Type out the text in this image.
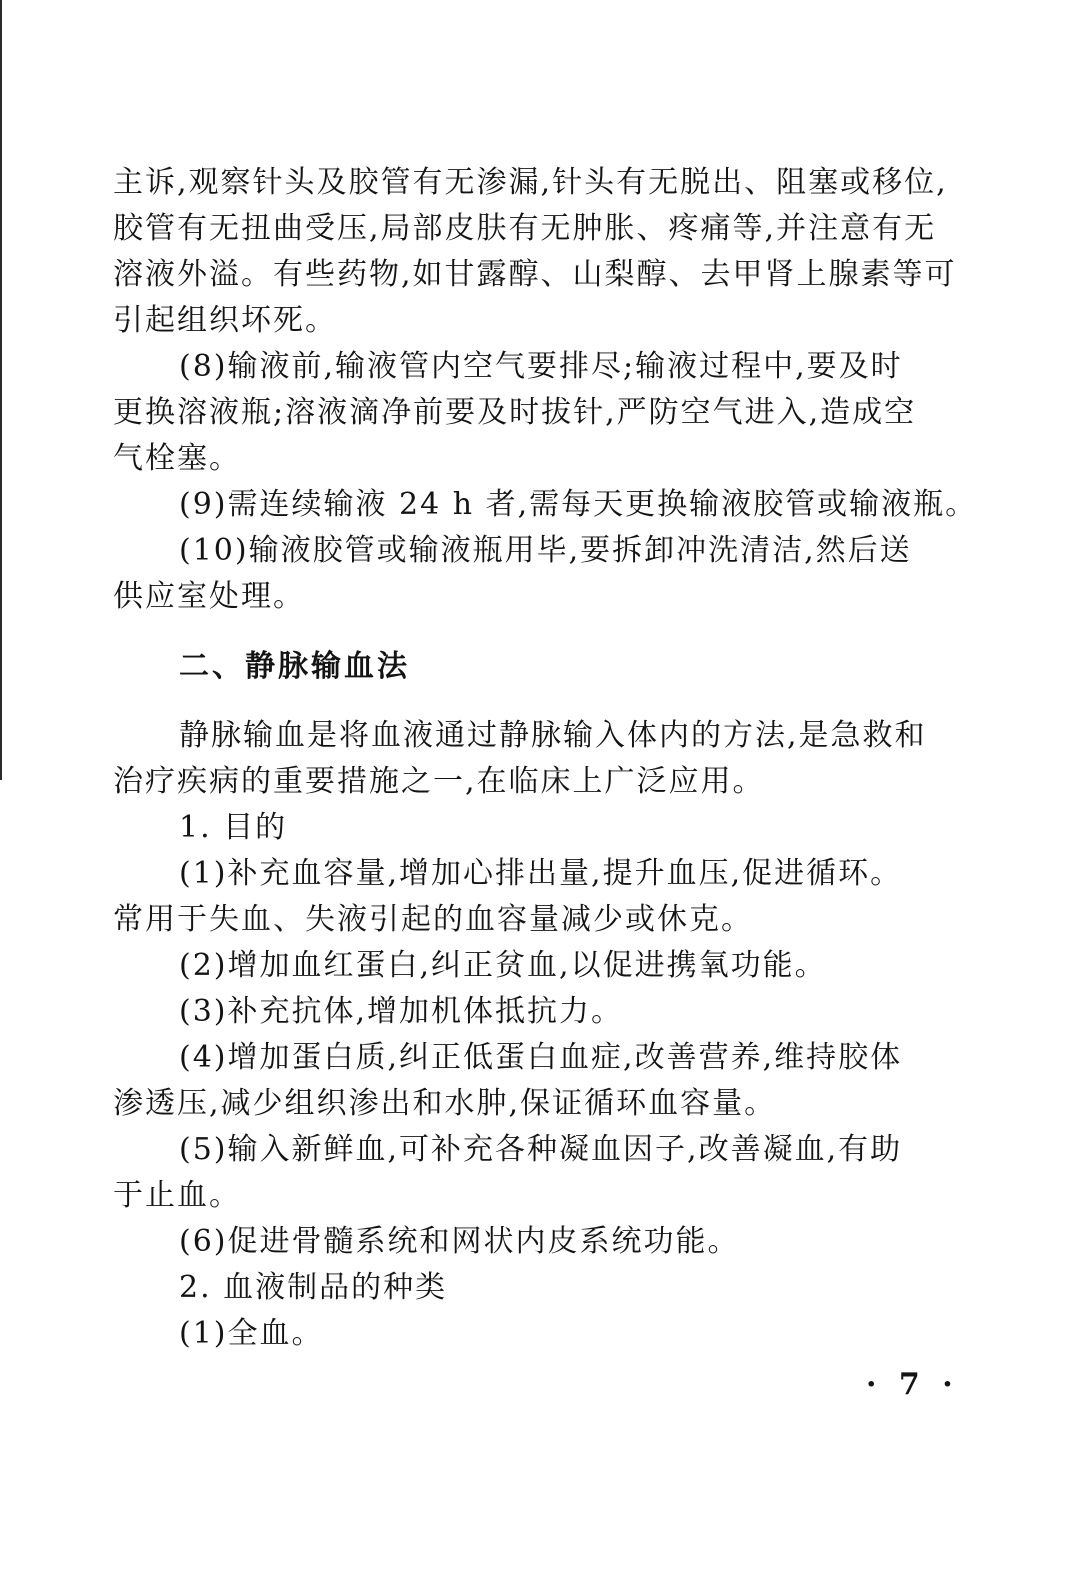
主诉,观察针头及胶管有无渗漏,针头有无脱出、阻塞或移位,
胶管有无扭曲受压,局部皮肤有无肿胀、疼痛等,并注意有无
溶液外溢。有些药物,如甘露醇、山梨醇、去甲肾上腺素等可
引起组织坏死。
(8)输液前,输液管内空气要排尽;输液过程中,要及时
更换溶液瓶;溶液滴净前要及时拔针,严防空气进入,造成空
气栓塞。
(9)需连续输液 24 h 者,需每天更换输液胶管或输液瓶。
(10)输液胶管或输液瓶用毕,要拆卸冲洗清洁,然后送
供应室处理。
二、静脉输血法
静脉输血是将血液通过静脉输入体内的方法,是急救和
治疗疾病的重要措施之一,在临床上广泛应用。
1. 目的
(1)补充血容量,增加心排出量,提升血压,促进循环。
常用于失血、失液引起的血容量减少或休克。
(2)增加血红蛋白,纠正贫血,以促进携氧功能。
(3)补充抗体,增加机体抵抗力。
(4)增加蛋白质,纠正低蛋白血症,改善营养,维持胶体
渗透压,减少组织渗出和水肿,保证循环血容量。
(5)输入新鲜血,可补充各种凝血因子,改善凝血,有助
于止血。
(6)促进骨髓系统和网状内皮系统功能。
2. 血液制品的种类
(1)全血。
· 7 ·
